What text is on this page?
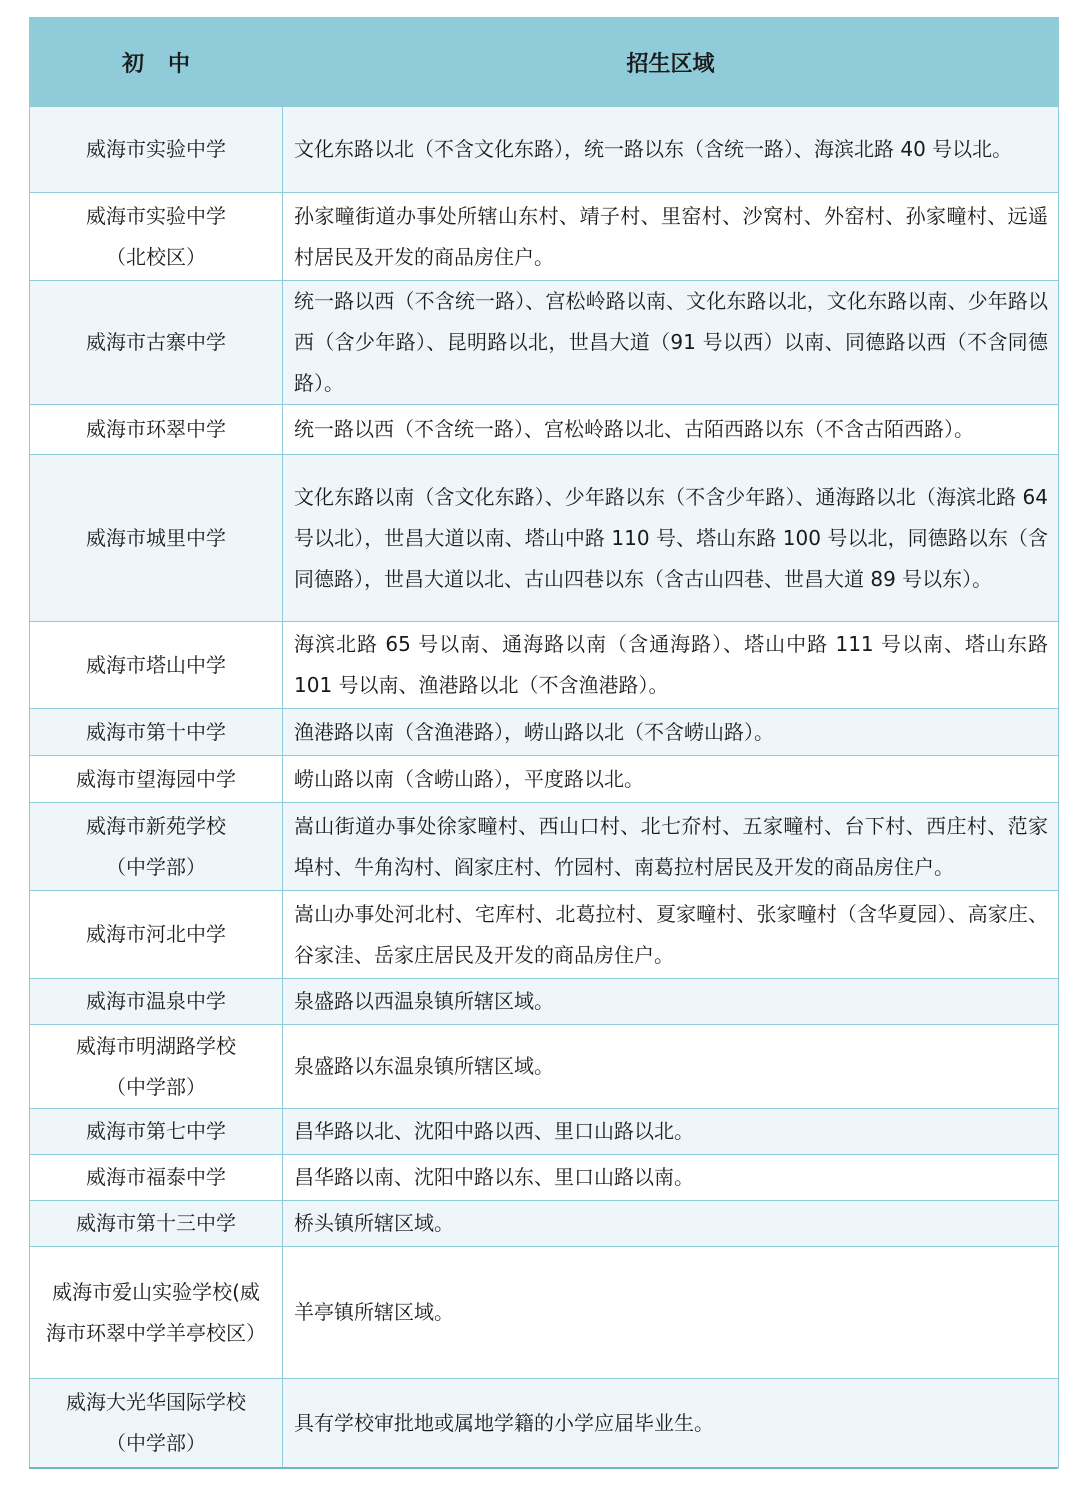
初中	招生区域

威海市实验中学	文化东路以北（不含文化东路），统一路以东（含统一路）、海滨北路 40 号以北。

威海市实验中学
（北校区）	孙家疃街道办事处所辖山东村、靖子村、里窑村、沙窝村、外窑村、孙家疃村、远遥村居民及开发的商品房住户。

威海市古寨中学	统一路以西（不含统一路）、宫松岭路以南、文化东路以北，文化东路以南、少年路以西（含少年路）、昆明路以北，世昌大道（91 号以西）以南、同德路以西（不含同德路）。

威海市环翠中学	统一路以西（不含统一路）、宫松岭路以北、古陌西路以东（不含古陌西路）。

威海市城里中学	文化东路以南（含文化东路）、少年路以东（不含少年路）、通海路以北（海滨北路 64 号以北），世昌大道以南、塔山中路 110 号、塔山东路 100 号以北，同德路以东（含同德路），世昌大道以北、古山四巷以东（含古山四巷、世昌大道 89 号以东）。

威海市塔山中学	海滨北路 65 号以南、通海路以南（含通海路）、塔山中路 111 号以南、塔山东路 101 号以南、渔港路以北（不含渔港路）。

威海市第十中学	渔港路以南（含渔港路），崂山路以北（不含崂山路）。

威海市望海园中学	崂山路以南（含崂山路），平度路以北。

威海市新苑学校
（中学部）	嵩山街道办事处徐家疃村、西山口村、北七夼村、五家疃村、台下村、西庄村、范家埠村、牛角沟村、阎家庄村、竹园村、南葛拉村居民及开发的商品房住户。

威海市河北中学	嵩山办事处河北村、宅库村、北葛拉村、夏家疃村、张家疃村（含华夏园）、高家庄、谷家洼、岳家庄居民及开发的商品房住户。

威海市温泉中学	泉盛路以西温泉镇所辖区域。

威海市明湖路学校
（中学部）	泉盛路以东温泉镇所辖区域。

威海市第七中学	昌华路以北、沈阳中路以西、里口山路以北。

威海市福泰中学	昌华路以南、沈阳中路以东、里口山路以南。

威海市第十三中学	桥头镇所辖区域。

威海市爱山实验学校(威
海市环翠中学羊亭校区）	羊亭镇所辖区域。

威海大光华国际学校
（中学部）	具有学校审批地或属地学籍的小学应届毕业生。
